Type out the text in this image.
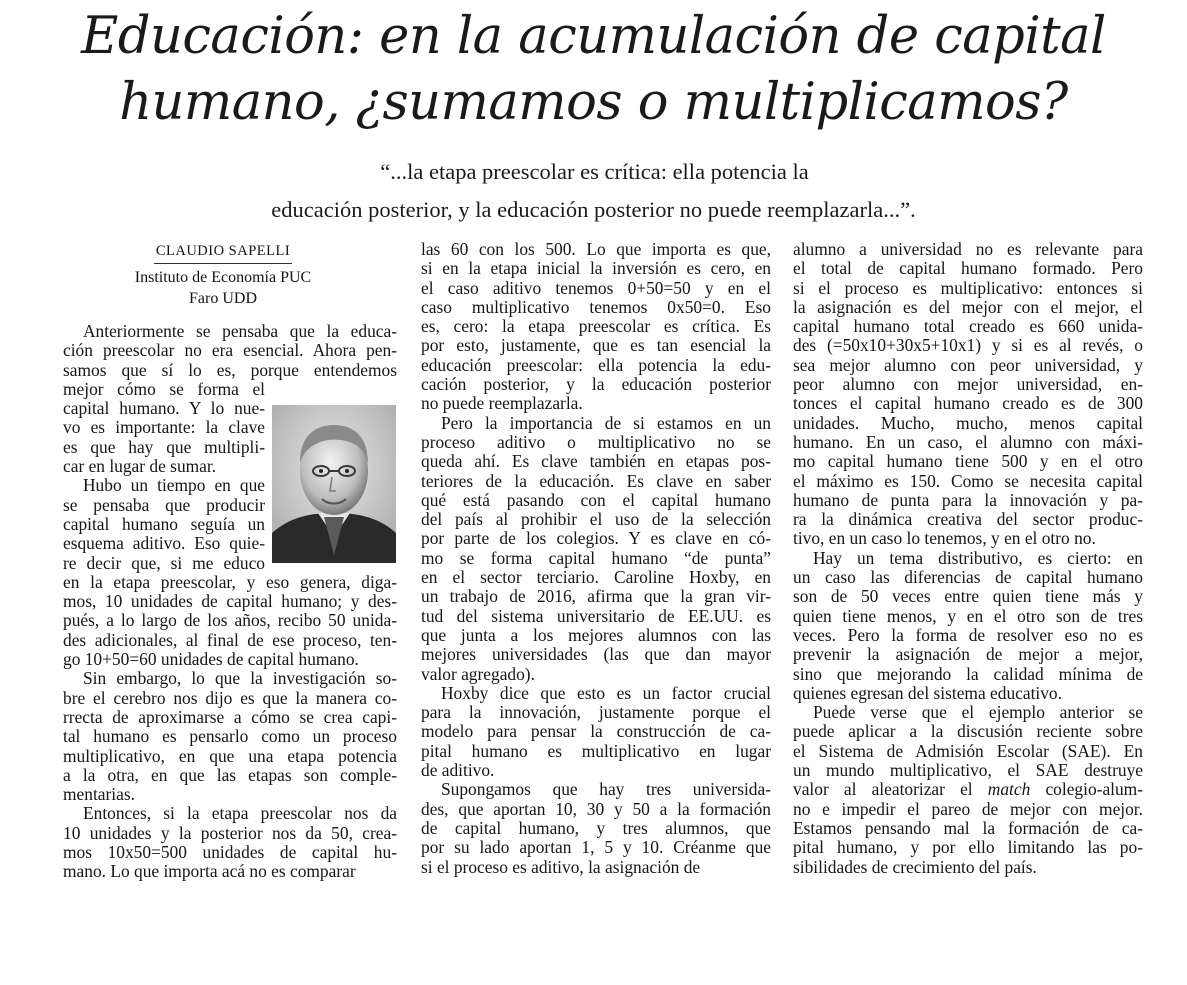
Educación: en la acumulación de capital
humano, ¿sumamos o multiplicamos?
“...la etapa preescolar es crítica: ella potencia la
educación posterior, y la educación posterior no puede reemplazarla...”.
CLAUDIO SAPELLI
Instituto de Economía PUC
Faro UDD
Anteriormente se pensaba que la educa-
ción preescolar no era esencial. Ahora pen-
samos que sí lo es, porque entendemos
mejor cómo se forma el
capital humano. Y lo nue-
vo es importante: la clave
es que hay que multipli-
car en lugar de sumar.
Hubo un tiempo en que
se pensaba que producir
capital humano seguía un
esquema aditivo. Eso quie-
re decir que, si me educo
en la etapa preescolar, y eso genera, diga-
mos, 10 unidades de capital humano; y des-
pués, a lo largo de los años, recibo 50 unida-
des adicionales, al final de ese proceso, ten-
go 10+50=60 unidades de capital humano.
Sin embargo, lo que la investigación so-
bre el cerebro nos dijo es que la manera co-
rrecta de aproximarse a cómo se crea capi-
tal humano es pensarlo como un proceso
multiplicativo, en que una etapa potencia
a la otra, en que las etapas son comple-
mentarias.
Entonces, si la etapa preescolar nos da
10 unidades y la posterior nos da 50, crea-
mos 10x50=500 unidades de capital hu-
mano. Lo que importa acá no es comparar
las 60 con los 500. Lo que importa es que,
si en la etapa inicial la inversión es cero, en
el caso aditivo tenemos 0+50=50 y en el
caso multiplicativo tenemos 0x50=0. Eso
es, cero: la etapa preescolar es crítica. Es
por esto, justamente, que es tan esencial la
educación preescolar: ella potencia la edu-
cación posterior, y la educación posterior
no puede reemplazarla.
Pero la importancia de si estamos en un
proceso aditivo o multiplicativo no se
queda ahí. Es clave también en etapas pos-
teriores de la educación. Es clave en saber
qué está pasando con el capital humano
del país al prohibir el uso de la selección
por parte de los colegios. Y es clave en có-
mo se forma capital humano “de punta”
en el sector terciario. Caroline Hoxby, en
un trabajo de 2016, afirma que la gran vir-
tud del sistema universitario de EE.UU. es
que junta a los mejores alumnos con las
mejores universidades (las que dan mayor
valor agregado).
Hoxby dice que esto es un factor crucial
para la innovación, justamente porque el
modelo para pensar la construcción de ca-
pital humano es multiplicativo en lugar
de aditivo.
Supongamos que hay tres universida-
des, que aportan 10, 30 y 50 a la formación
de capital humano, y tres alumnos, que
por su lado aportan 1, 5 y 10. Créanme que
si el proceso es aditivo, la asignación de
alumno a universidad no es relevante para
el total de capital humano formado. Pero
si el proceso es multiplicativo: entonces si
la asignación es del mejor con el mejor, el
capital humano total creado es 660 unida-
des (=50x10+30x5+10x1) y si es al revés, o
sea mejor alumno con peor universidad, y
peor alumno con mejor universidad, en-
tonces el capital humano creado es de 300
unidades. Mucho, mucho, menos capital
humano. En un caso, el alumno con máxi-
mo capital humano tiene 500 y en el otro
el máximo es 150. Como se necesita capital
humano de punta para la innovación y pa-
ra la dinámica creativa del sector produc-
tivo, en un caso lo tenemos, y en el otro no.
Hay un tema distributivo, es cierto: en
un caso las diferencias de capital humano
son de 50 veces entre quien tiene más y
quien tiene menos, y en el otro son de tres
veces. Pero la forma de resolver eso no es
prevenir la asignación de mejor a mejor,
sino que mejorando la calidad mínima de
quienes egresan del sistema educativo.
Puede verse que el ejemplo anterior se
puede aplicar a la discusión reciente sobre
el Sistema de Admisión Escolar (SAE). En
un mundo multiplicativo, el SAE destruye
valor al aleatorizar el match colegio-alum-
no e impedir el pareo de mejor con mejor.
Estamos pensando mal la formación de ca-
pital humano, y por ello limitando las po-
sibilidades de crecimiento del país.
